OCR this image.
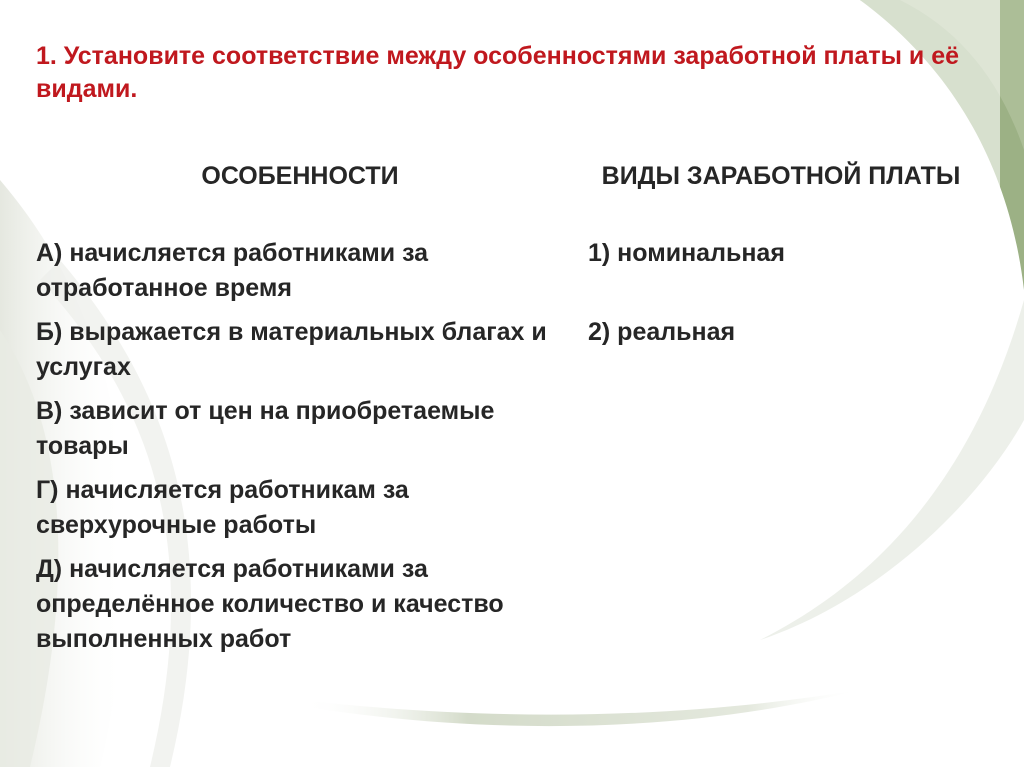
1. Установите соответствие между особенностями заработной платы и её видами.
ОСОБЕННОСТИ	ВИДЫ ЗАРАБОТНОЙ ПЛАТЫ

А) начисляется работниками за отработанное время

Б) выражается в материальных благах и услугах

В) зависит от цен на приобретаемые товары

Г) начисляется работникам за сверхурочные работы

Д) начисляется работниками за определённое количество и качество выполненных работ

1) номинальная

2) реальная
